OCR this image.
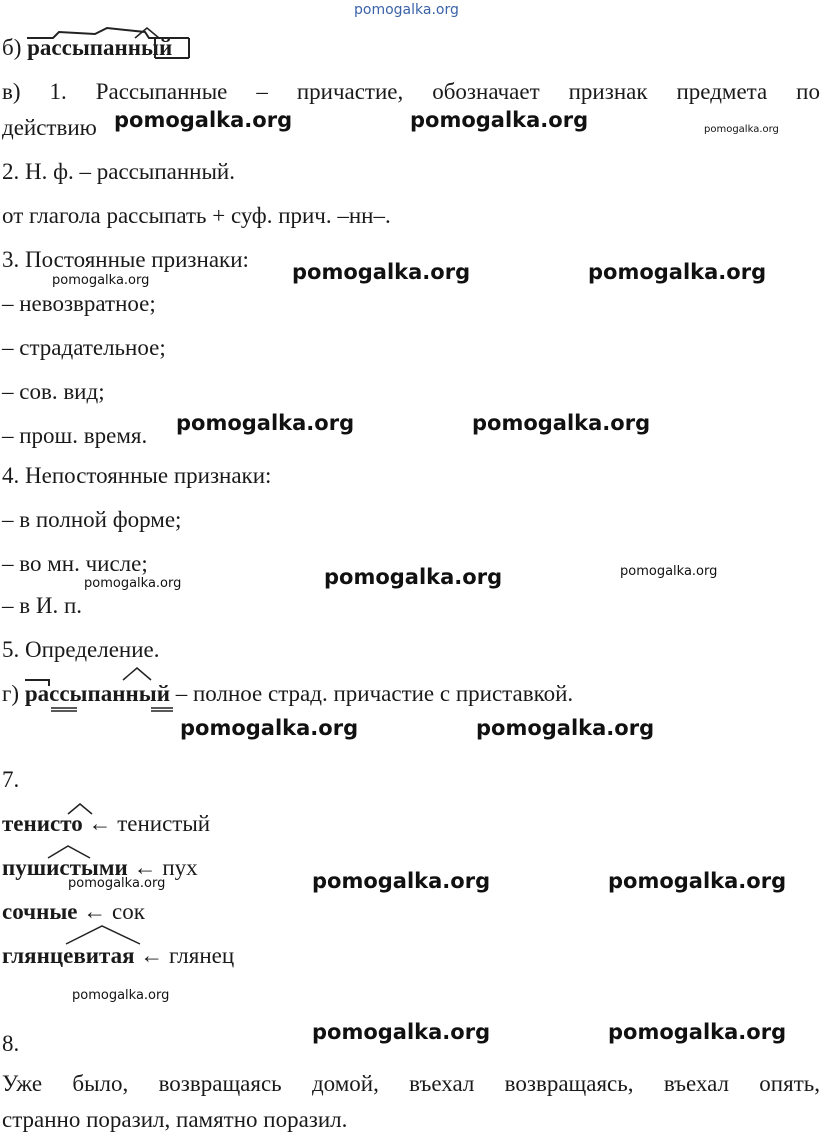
pomogalka.org
б) рассыпанный
в) 1. Рассыпанные – причастие, обозначает признак предмета по
действию pomogalka.org	pomogalka.org	pomogalka.org
2. Н. ф. – рассыпанный.
от глагола рассыпать + суф. прич. –нн–.
3. Постоянные признаки:
pomogalka.org	pomogalka.org	pomogalka.org
– невозвратное;
– страдательное;
– сов. вид;
– прош. время. pomogalka.org	pomogalka.org
4. Непостоянные признаки:
– в полной форме;
– во мн. числе;
pomogalka.org	pomogalka.org	pomogalka.org
– в И. п.
5. Определение.
г) рассыпанный – полное страд. причастие с приставкой.
pomogalka.org	pomogalka.org
7.
тенисто ← тенистый
пушистыми ← пух
pomogalka.org	pomogalka.org	pomogalka.org
сочные ← сок
глянцевитая ← глянец
pomogalka.org
8.	pomogalka.org	pomogalka.org
Уже было, возвращаясь домой, въехал возвращаясь, въехал опять,
странно поразил, памятно поразил.
